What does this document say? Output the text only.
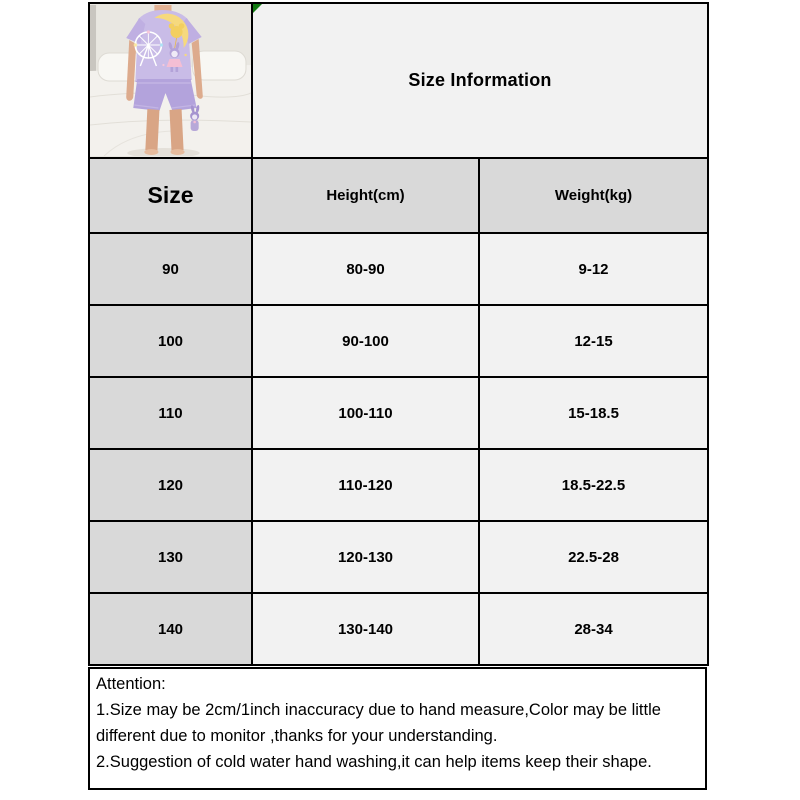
Size Information	
Size	Height(cm)	Weight(kg)
90	80-90	9-12
100	90-100	12-15
110	100-110	15-18.5
120	110-120	18.5-22.5
130	120-130	22.5-28
140	130-140	28-34

Attention:

1.Size may be 2cm/1inch inaccuracy due to hand measure,Color may be little different due to monitor ,thanks for your understanding.

2.Suggestion of cold water hand washing,it can help items keep their shape.
